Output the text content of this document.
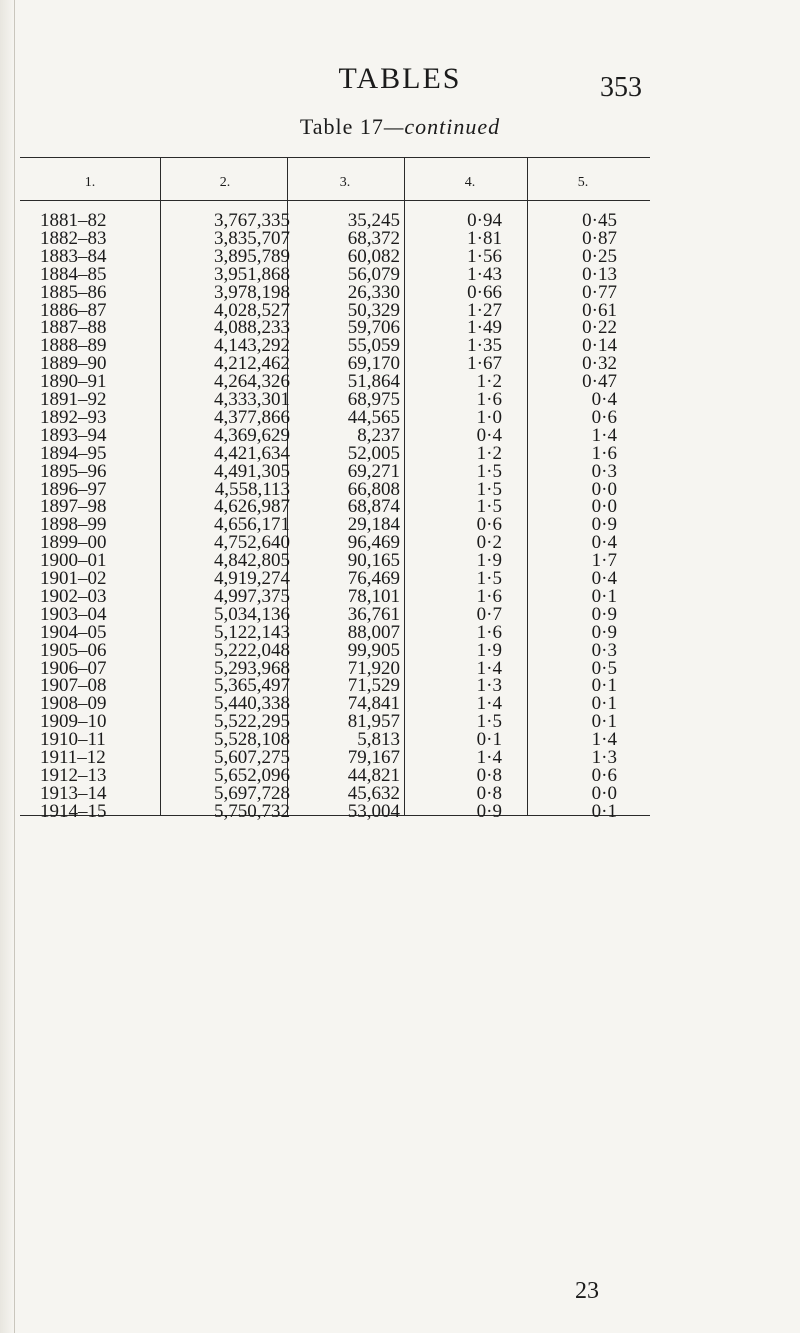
TABLES	353
Table 17—continued
1.	2.	3.	4.	5.
1881–82	3,767,335	35,245	0·94	0·45
1882–83	3,835,707	68,372	1·81	0·87
1883–84	3,895,789	60,082	1·56	0·25
1884–85	3,951,868	56,079	1·43	0·13
1885–86	3,978,198	26,330	0·66	0·77
1886–87	4,028,527	50,329	1·27	0·61
1887–88	4,088,233	59,706	1·49	0·22
1888–89	4,143,292	55,059	1·35	0·14
1889–90	4,212,462	69,170	1·67	0·32
1890–91	4,264,326	51,864	1·2	0·47
1891–92	4,333,301	68,975	1·6	0·4
1892–93	4,377,866	44,565	1·0	0·6
1893–94	4,369,629	8,237	0·4	1·4
1894–95	4,421,634	52,005	1·2	1·6
1895–96	4,491,305	69,271	1·5	0·3
1896–97	4,558,113	66,808	1·5	0·0
1897–98	4,626,987	68,874	1·5	0·0
1898–99	4,656,171	29,184	0·6	0·9
1899–00	4,752,640	96,469	0·2	0·4
1900–01	4,842,805	90,165	1·9	1·7
1901–02	4,919,274	76,469	1·5	0·4
1902–03	4,997,375	78,101	1·6	0·1
1903–04	5,034,136	36,761	0·7	0·9
1904–05	5,122,143	88,007	1·6	0·9
1905–06	5,222,048	99,905	1·9	0·3
1906–07	5,293,968	71,920	1·4	0·5
1907–08	5,365,497	71,529	1·3	0·1
1908–09	5,440,338	74,841	1·4	0·1
1909–10	5,522,295	81,957	1·5	0·1
1910–11	5,528,108	5,813	0·1	1·4
1911–12	5,607,275	79,167	1·4	1·3
1912–13	5,652,096	44,821	0·8	0·6
1913–14	5,697,728	45,632	0·8	0·0
1914–15	5,750,732	53,004	0·9	0·1
23
